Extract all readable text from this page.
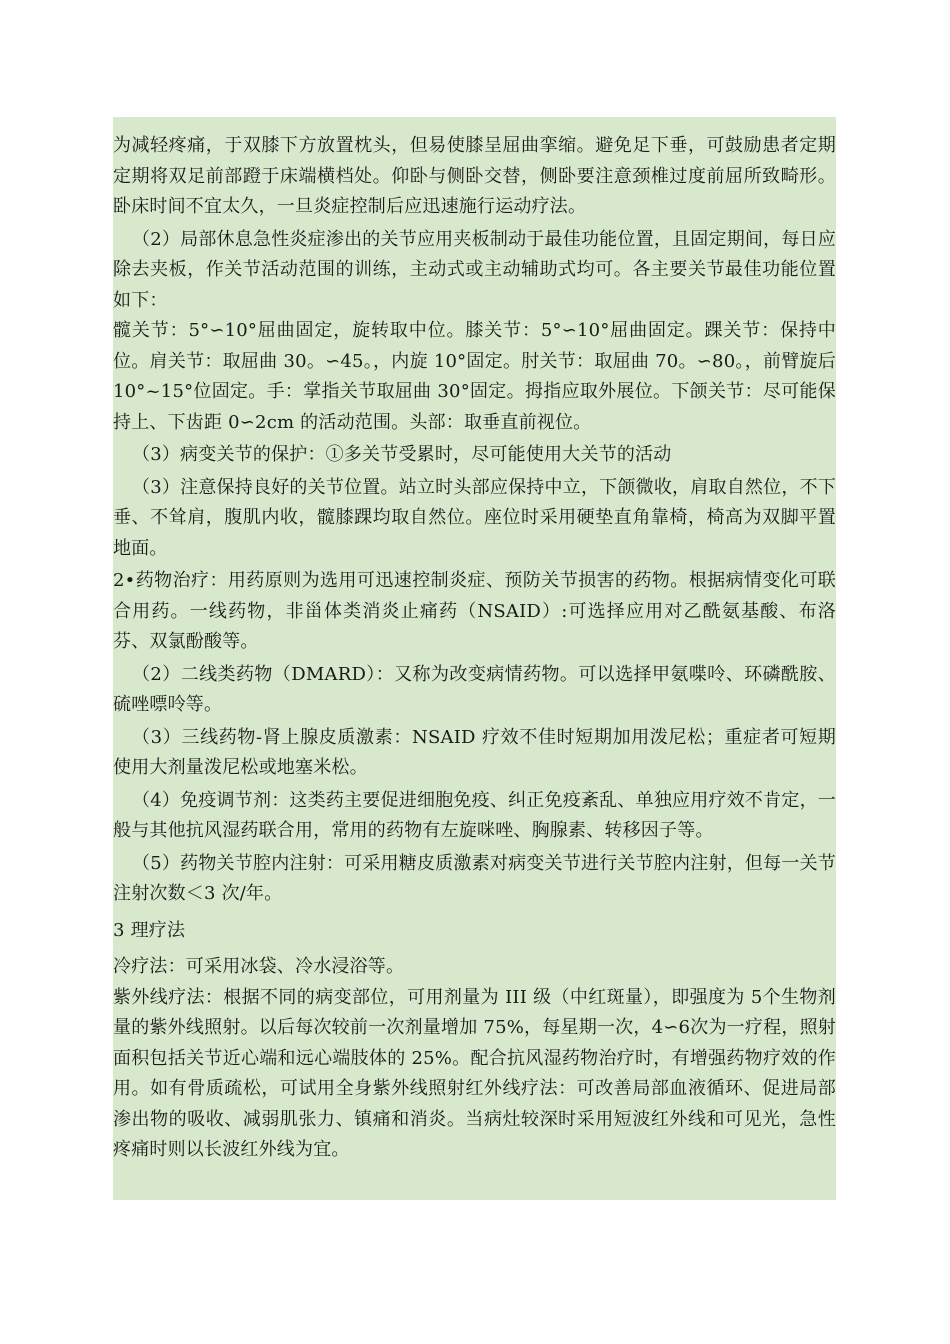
为减轻疼痛，于双膝下方放置枕头，但易使膝呈屈曲挛缩。避免足下垂，可鼓励患者定期定期将双足前部蹬于床端横档处。仰卧与侧卧交替，侧卧要注意颈椎过度前屈所致畸形。卧床时间不宜太久，一旦炎症控制后应迅速施行运动疗法。

（2）局部休息急性炎症渗出的关节应用夹板制动于最佳功能位置，且固定期间，每日应除去夹板，作关节活动范围的训练，主动式或主动辅助式均可。各主要关节最佳功能位置如下：

髋关节：5°∽10°屈曲固定，旋转取中位。膝关节：5°∽10°屈曲固定。踝关节：保持中位。肩关节：取屈曲 30。∽45。，内旋 10°固定。肘关节：取屈曲 70。∽80。，前臂旋后 10°~15°位固定。手：掌指关节取屈曲 30°固定。拇指应取外展位。下颌关节：尽可能保持上、下齿距 0∽2cm 的活动范围。头部：取垂直前视位。

（3）病变关节的保护：①多关节受累时，尽可能使用大关节的活动

（3）注意保持良好的关节位置。站立时头部应保持中立，下颌微收，肩取自然位，不下垂、不耸肩，腹肌内收，髋膝踝均取自然位。座位时采用硬垫直角靠椅，椅高为双脚平置地面。

2•药物治疗：用药原则为选用可迅速控制炎症、预防关节损害的药物。根据病情变化可联合用药。一线药物，非甾体类消炎止痛药（NSAID）:可选择应用对乙酰氨基酸、布洛芬、双氯酚酸等。

（2）二线类药物（DMARD）：又称为改变病情药物。可以选择甲氨喋呤、环磷酰胺、硫唑嘌呤等。

（3）三线药物-肾上腺皮质激素：NSAID 疗效不佳时短期加用泼尼松；重症者可短期使用大剂量泼尼松或地塞米松。

（4）免疫调节剂：这类药主要促进细胞免疫、纠正免疫紊乱、单独应用疗效不肯定，一般与其他抗风湿药联合用，常用的药物有左旋咪唑、胸腺素、转移因子等。

（5）药物关节腔内注射：可采用糖皮质激素对病变关节进行关节腔内注射，但每一关节注射次数＜3 次/年。

3 理疗法

冷疗法：可采用冰袋、冷水浸浴等。

紫外线疗法：根据不同的病变部位，可用剂量为 III 级（中红斑量），即强度为 5个生物剂量的紫外线照射。以后每次较前一次剂量增加 75%，每星期一次，4∽6次为一疗程，照射面积包括关节近心端和远心端肢体的 25%。配合抗风湿药物治疗时，有增强药物疗效的作用。如有骨质疏松，可试用全身紫外线照射红外线疗法：可改善局部血液循环、促进局部渗出物的吸收、减弱肌张力、镇痛和消炎。当病灶较深时采用短波红外线和可见光，急性疼痛时则以长波红外线为宜。
